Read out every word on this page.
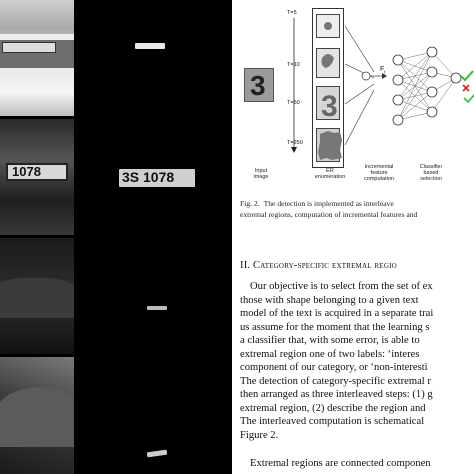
1078	3S 1078
T=5
T=10
T=50
T=250
3
3
$F_t$
Input
image
ER
enumeration
Incremental
feature
computation
Classifier
based
selection
Fig. 2. The detection is implemented as interleave
extremal regions, computation of incremental features and
II. Category-specific extremal regio

Our objective is to select from the set of ex

those with shape belonging to a given text

model of the text is acquired in a separate trai

us assume for the moment that the learning s

a classifier that, with some error, is able to

extremal region one of two labels: ‘interes

component of our category, or ‘non-interesti

The detection of category-specific extremal r

then arranged as three interleaved steps: (1) g

extremal region, (2) describe the region and

The interleaved computation is schematical

Figure 2.

Extremal regions are connected componen
